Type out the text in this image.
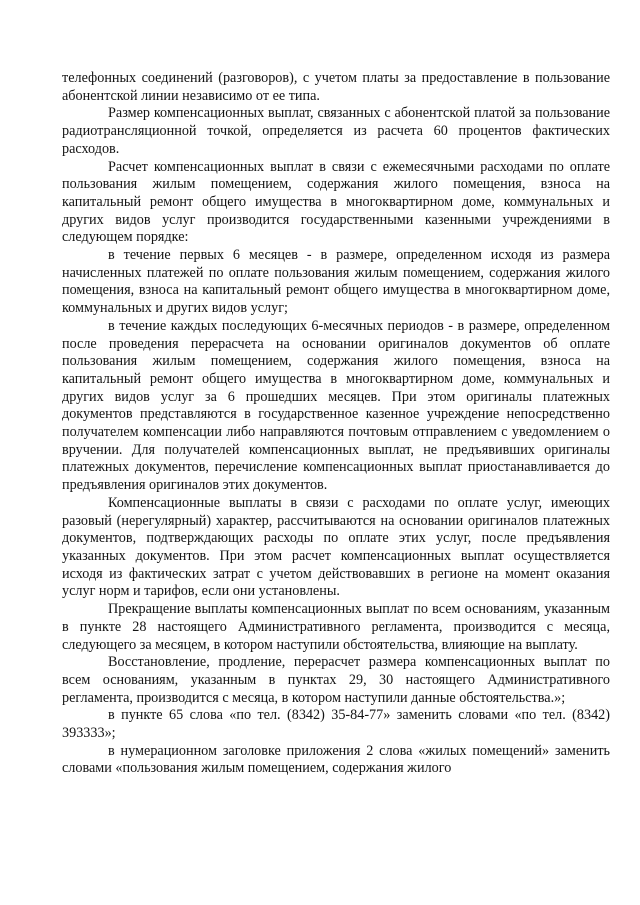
телефонных соединений (разговоров), с учетом платы за предоставление в пользование абонентской линии независимо от ее типа.

Размер компенсационных выплат, связанных с абонентской платой за пользование радиотрансляционной точкой, определяется из расчета 60 процентов фактических расходов.

Расчет компенсационных выплат в связи с ежемесячными расходами по оплате пользования жилым помещением, содержания жилого помещения, взноса на капитальный ремонт общего имущества в многоквартирном доме, коммунальных и других видов услуг производится государственными казенными учреждениями в следующем порядке:

в течение первых 6 месяцев - в размере, определенном исходя из размера начисленных платежей по оплате пользования жилым помещением, содержания жилого помещения, взноса на капитальный ремонт общего имущества в многоквартирном доме, коммунальных и других видов услуг;

в течение каждых последующих 6-месячных периодов - в размере, определенном после проведения перерасчета на основании оригиналов документов об оплате пользования жилым помещением, содержания жилого помещения, взноса на капитальный ремонт общего имущества в многоквартирном доме, коммунальных и других видов услуг за 6 прошедших месяцев. При этом оригиналы платежных документов представляются в государственное казенное учреждение непосредственно получателем компенсации либо направляются почтовым отправлением с уведомлением о вручении. Для получателей компенсационных выплат, не предъявивших оригиналы платежных документов, перечисление компенсационных выплат приостанавливается до предъявления оригиналов этих документов.

Компенсационные выплаты в связи с расходами по оплате услуг, имеющих разовый (нерегулярный) характер, рассчитываются на основании оригиналов платежных документов, подтверждающих расходы по оплате этих услуг, после предъявления указанных документов. При этом расчет компенсационных выплат осуществляется исходя из фактических затрат с учетом действовавших в регионе на момент оказания услуг норм и тарифов, если они установлены.

Прекращение выплаты компенсационных выплат по всем основаниям, указанным в пункте 28 настоящего Административного регламента, производится с месяца, следующего за месяцем, в котором наступили обстоятельства, влияющие на выплату.

Восстановление, продление, перерасчет размера компенсационных выплат по всем основаниям, указанным в пунктах 29, 30 настоящего Административного регламента, производится с месяца, в котором наступили данные обстоятельства.»;

в пункте 65 слова «по тел. (8342) 35-84-77» заменить словами «по тел. (8342) 393333»;

в нумерационном заголовке приложения 2 слова «жилых помещений» заменить словами «пользования жилым помещением, содержания жилого
